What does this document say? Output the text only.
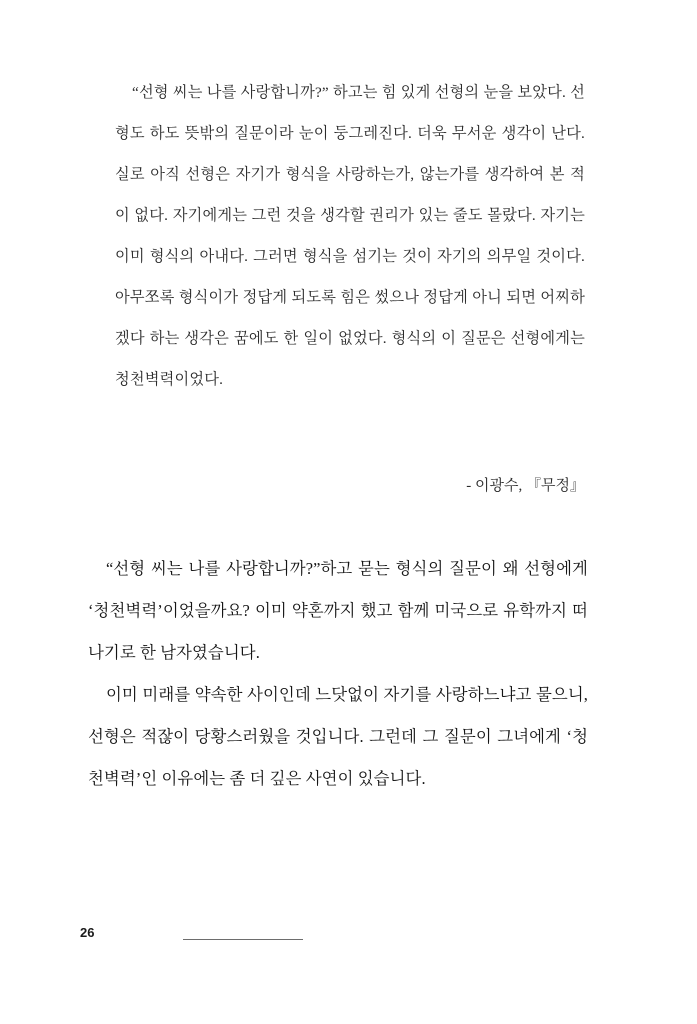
“선형 씨는 나를 사랑합니까?” 하고는 힘 있게 선형의 눈을 보았다. 선형도 하도 뜻밖의 질문이라 눈이 둥그레진다. 더욱 무서운 생각이 난다. 실로 아직 선형은 자기가 형식을 사랑하는가, 않는가를 생각하여 본 적이 없다. 자기에게는 그런 것을 생각할 권리가 있는 줄도 몰랐다. 자기는 이미 형식의 아내다. 그러면 형식을 섬기는 것이 자기의 의무일 것이다. 아무쪼록 형식이가 정답게 되도록 힘은 썼으나 정답게 아니 되면 어찌하겠다 하는 생각은 꿈에도 한 일이 없었다. 형식의 이 질문은 선형에게는 청천벽력이었다.

- 이광수, 『무정』

“선형 씨는 나를 사랑합니까?”하고 묻는 형식의 질문이 왜 선형에게 ‘청천벽력’이었을까요? 이미 약혼까지 했고 함께 미국으로 유학까지 떠나기로 한 남자였습니다.

이미 미래를 약속한 사이인데 느닷없이 자기를 사랑하느냐고 물으니, 선형은 적잖이 당황스러웠을 것입니다. 그런데 그 질문이 그녀에게 ‘청천벽력’인 이유에는 좀 더 깊은 사연이 있습니다.

26
